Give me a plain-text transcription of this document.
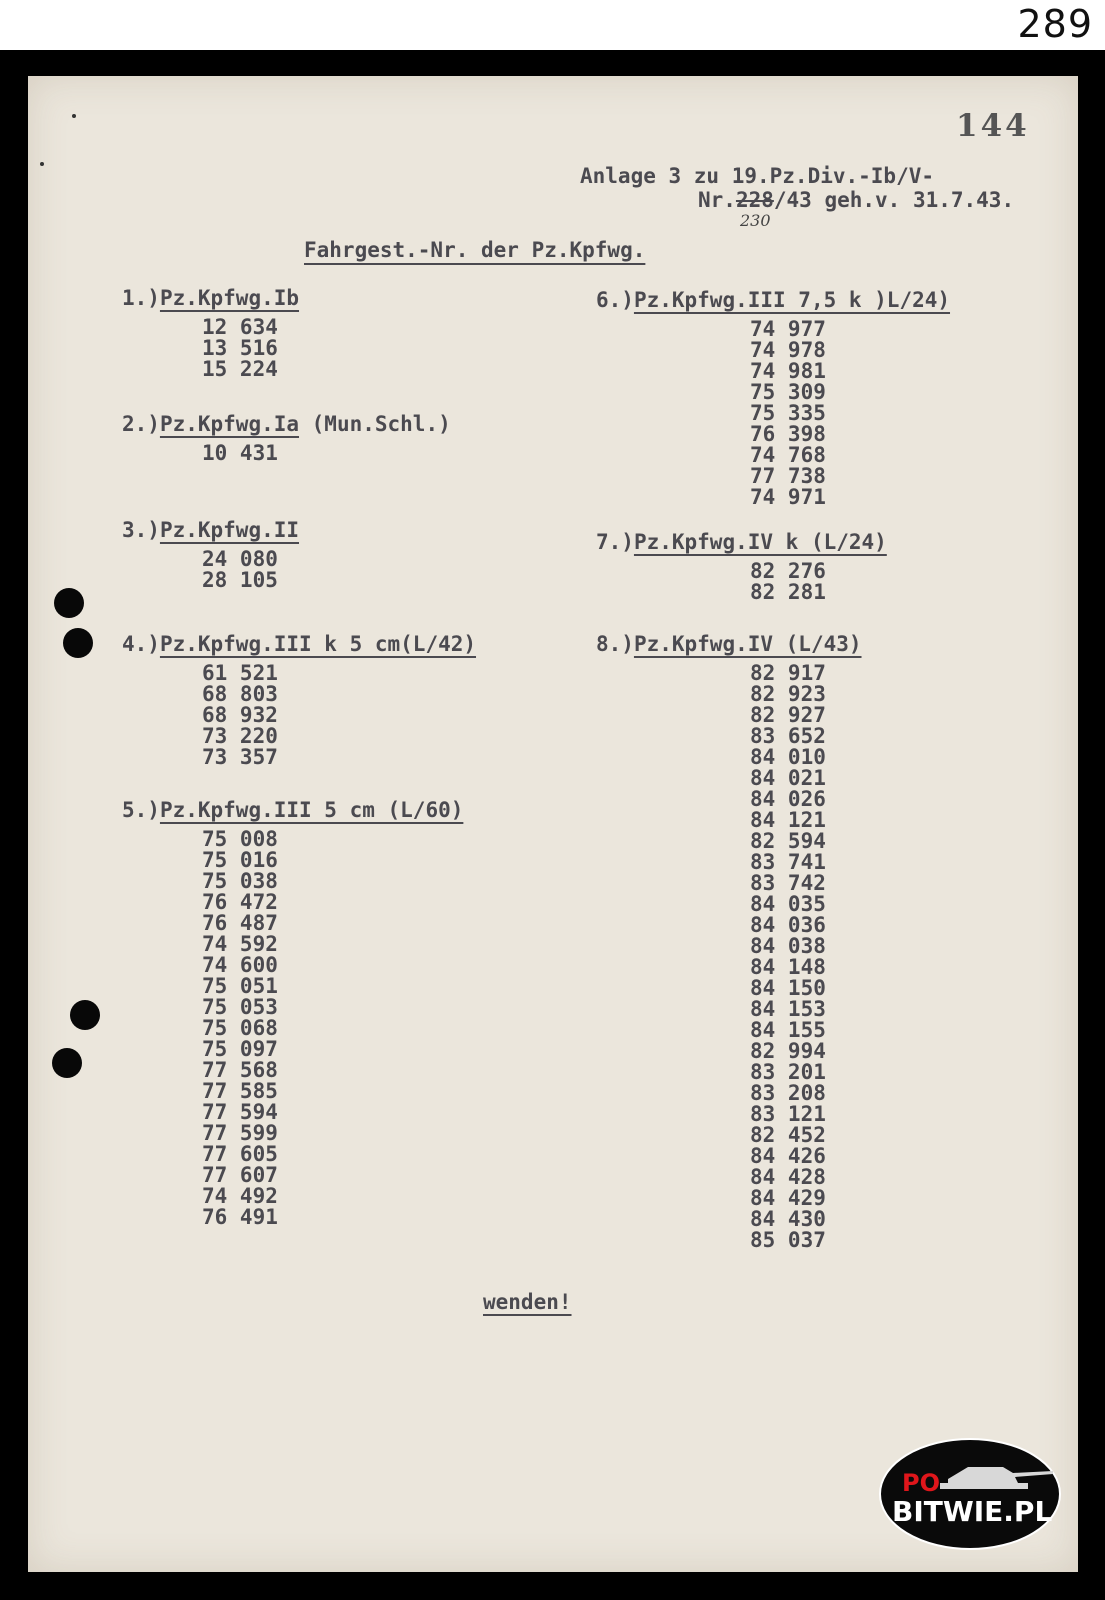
289
144
Anlage 3 zu 19.Pz.Div.-Ib/V-
Nr.228/43 geh.v. 31.7.43.
230
Fahrgest.-Nr. der Pz.Kpfwg.
1.)Pz.Kpfwg.Ib
12 634
13 516
15 224
2.)Pz.Kpfwg.Ia (Mun.Schl.)
10 431
3.)Pz.Kpfwg.II
24 080
28 105
4.)Pz.Kpfwg.III k 5 cm(L/42)
61 521
68 803
68 932
73 220
73 357
5.)Pz.Kpfwg.III 5 cm (L/60)
75 008
75 016
75 038
76 472
76 487
74 592
74 600
75 051
75 053
75 068
75 097
77 568
77 585
77 594
77 599
77 605
77 607
74 492
76 491
6.)Pz.Kpfwg.III 7,5 k )L/24)
74 977
74 978
74 981
75 309
75 335
76 398
74 768
77 738
74 971
7.)Pz.Kpfwg.IV k (L/24)
82 276
82 281
8.)Pz.Kpfwg.IV (L/43)
82 917
82 923
82 927
83 652
84 010
84 021
84 026
84 121
82 594
83 741
83 742
84 035
84 036
84 038
84 148
84 150
84 153
84 155
82 994
83 201
83 208
83 121
82 452
84 426
84 428
84 429
84 430
85 037
wenden!
PO
BITWIE.PL
